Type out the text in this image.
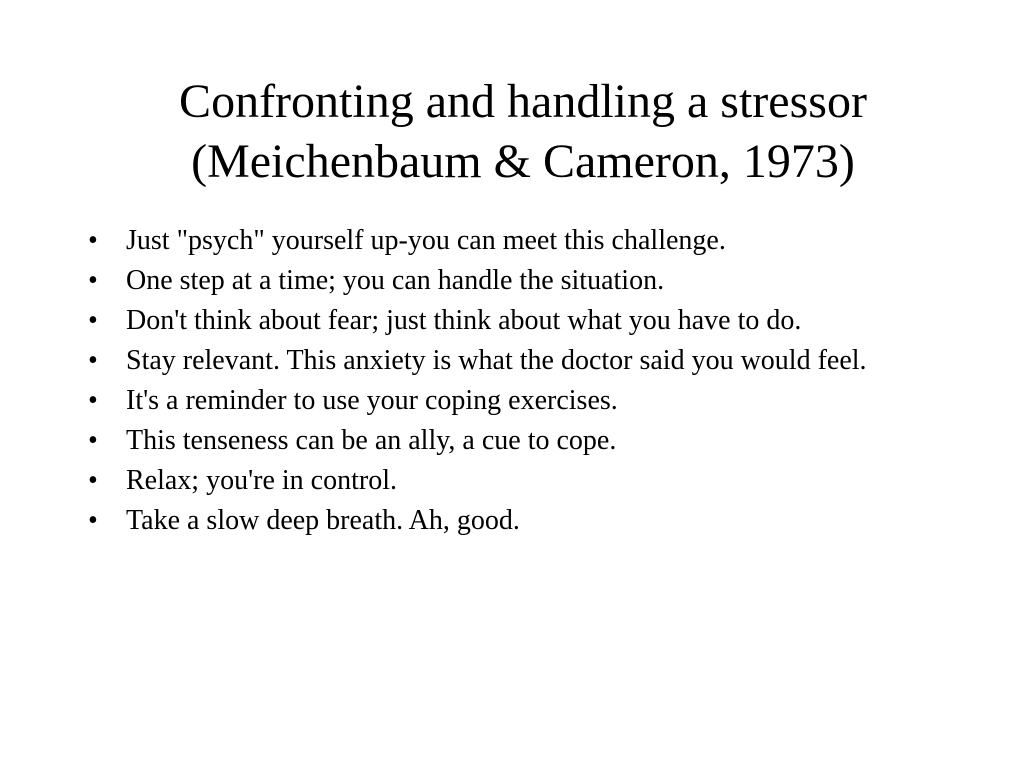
Confronting and handling a stressor
(Meichenbaum & Cameron, 1973)
• Just "psych" yourself up-you can meet this challenge.
• One step at a time; you can handle the situation.
• Don't think about fear; just think about what you have to do.
• Stay relevant. This anxiety is what the doctor said you would feel.
• It's a reminder to use your coping exercises.
• This tenseness can be an ally, a cue to cope.
• Relax; you're in control.
• Take a slow deep breath. Ah, good.
